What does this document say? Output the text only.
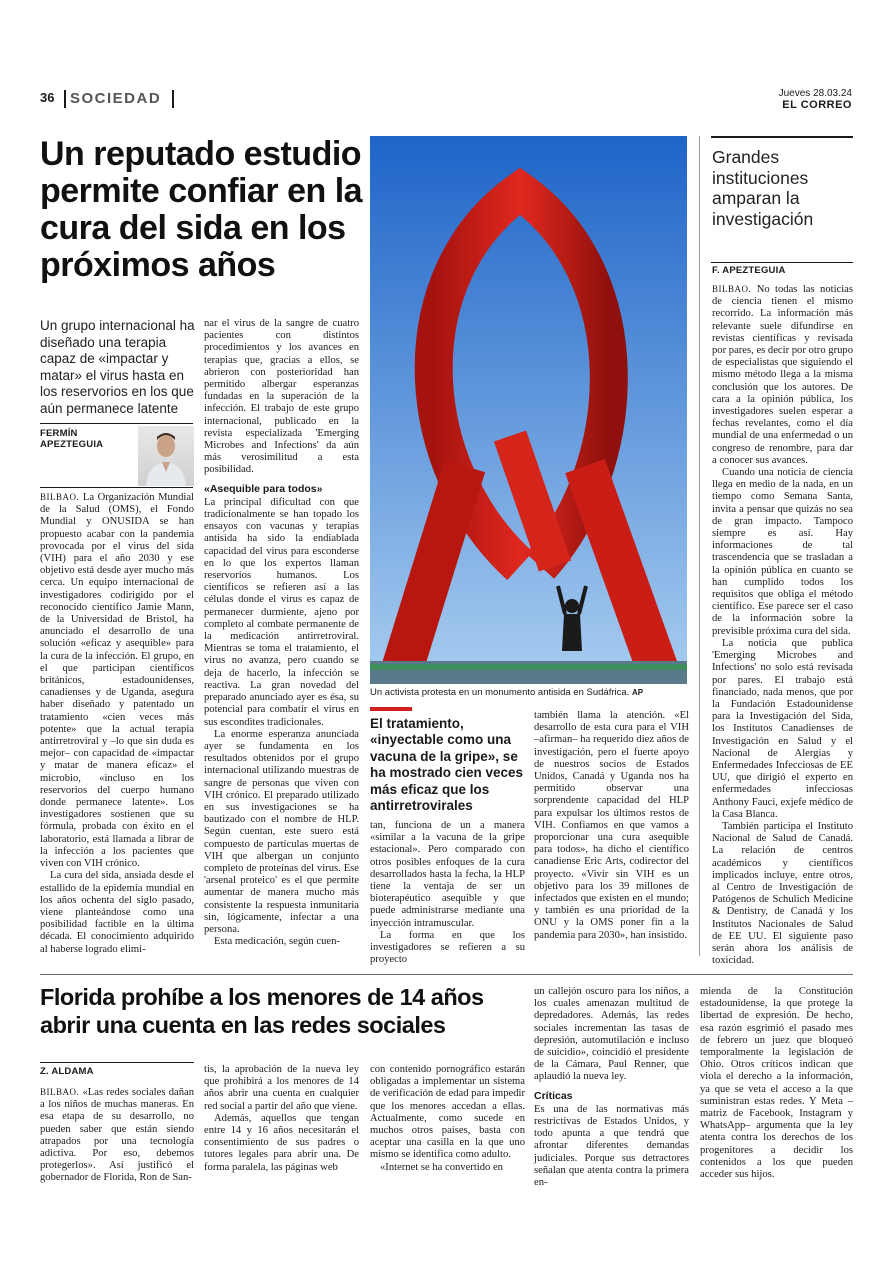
36 SOCIEDAD	Jueves 28.03.24
EL CORREO
Un reputado estudio permite confiar en la cura del sida en los próximos años
Un grupo internacional ha diseñado una terapia capaz de «impactar y matar» el virus hasta en los reservorios en los que aún permanece latente
FERMÍN APEZTEGUIA

BILBAO. La Organización Mundial de la Salud (OMS), el Fondo Mundial y ONUSIDA se han propuesto acabar con la pandemia provocada por el virus del sida (VIH) para el año 2030 y ese objetivo está desde ayer mucho más cerca. Un equipo internacional de investigadores codirigido por el reconocido científico Jamie Mann, de la Universidad de Bristol, ha anunciado el desarrollo de una solución «eficaz y asequible» para la cura de la infección. El grupo, en el que participan científicos británicos, estadounidenses, canadienses y de Uganda, asegura haber diseñado y patentado un tratamiento «cien veces más potente» que la actual terapia antirretroviral y –lo que sin duda es mejor– con capacidad de «impactar y matar de manera eficaz» el microbio, «incluso en los reservorios del cuerpo humano donde permanece latente». Los investigadores sostienen que su fórmula, probada con éxito en el laboratorio, está llamada a librar de la infección a los pacientes que viven con VIH crónico.

La cura del sida, ansiada desde el estallido de la epidemia mundial en los años ochenta del siglo pasado, viene planteándose como una posibilidad factible en la última década. El conocimiento adquirido al haberse logrado elimi-

nar el virus de la sangre de cuatro pacientes con distintos procedimientos y los avances en terapias que, gracias a ellos, se abrieron con posterioridad han permitido albergar esperanzas fundadas en la superación de la infección. El trabajo de este grupo internacional, publicado en la revista especializada 'Emerging Microbes and Infections' da aún más verosimilitud a esta posibilidad.

«Asequible para todos»

La principal dificultad con que tradicionalmente se han topado los ensayos con vacunas y terapias antisida ha sido la endiablada capacidad del virus para esconderse en lo que los expertos llaman reservorios humanos. Los científicos se refieren así a las células donde el virus es capaz de permanecer durmiente, ajeno por completo al combate permanente de la medicación antirretroviral. Mientras se toma el tratamiento, el virus no avanza, pero cuando se deja de hacerlo, la infección se reactiva. La gran novedad del preparado anunciado ayer es ésa, su potencial para combatir el virus en sus escondites tradicionales.

La enorme esperanza anunciada ayer se fundamenta en los resultados obtenidos por el grupo internacional utilizando muestras de sangre de personas que viven con VIH crónico. El preparado utilizado en sus investigaciones se ha bautizado con el nombre de HLP. Según cuentan, este suero está compuesto de partículas muertas de VIH que albergan un conjunto completo de proteínas del virus. Ese 'arsenal proteico' es el que permite aumentar de manera mucho más consistente la respuesta inmunitaria sin, lógicamente, infectar a una persona.

Esta medicación, según cuen-

Un activista protesta en un monumento antisida en Sudáfrica. AP
El tratamiento, «inyectable como una vacuna de la gripe», se ha mostrado cien veces más eficaz que los antirretrovirales

tan, funciona de un a manera «similar a la vacuna de la gripe estacional». Pero comparado con otros posibles enfoques de la cura desarrollados hasta la fecha, la HLP tiene la ventaja de ser un bioterapéutico asequible y que puede administrarse mediante una inyección intramuscular.

La forma en que los investigadores se refieren a su proyecto

también llama la atención. «El desarrollo de esta cura para el VIH –afirman– ha requerido diez años de investigación, pero el fuerte apoyo de nuestros socios de Estados Unidos, Canadá y Uganda nos ha permitido observar una sorprendente capacidad del HLP para expulsar los últimos restos de VIH. Confiamos en que vamos a proporcionar una cura asequible para todos», ha dicho el científico canadiense Eric Arts, codirector del proyecto. «Vivir sin VIH es un objetivo para los 39 millones de infectados que existen en el mundo; y también es una prioridad de la ONU y la OMS poner fin a la pandemia para 2030», han insistido.

Grandes instituciones amparan la investigación
F. APEZTEGUIA

BILBAO. No todas las noticias de ciencia tienen el mismo recorrido. La información más relevante suele difundirse en revistas científicas y revisada por pares, es decir por otro grupo de especialistas que siguiendo el mismo método llega a la misma conclusión que los autores. De cara a la opinión pública, los investigadores suelen esperar a fechas revelantes, como el día mundial de una enfermedad o un congreso de renombre, para dar a conocer sus avances.

Cuando una noticia de ciencia llega en medio de la nada, en un tiempo como Semana Santa, invita a pensar que quizás no sea de gran impacto. Tampoco siempre es así. Hay informaciones de tal trascendencia que se trasladan a la opinión pública en cuanto se han cumplido todos los requisitos que obliga el método científico. Ese parece ser el caso de la información sobre la previsible próxima cura del sida.

La noticia que publica 'Emerging Microbes and Infections' no solo está revisada por pares. El trabajo está financiado, nada menos, que por la Fundación Estadounidense para la Investigación del Sida, los Institutos Canadienses de Investigación en Salud y el Nacional de Alergias y Enfermedades Infecciosas de EE UU, que dirigió el experto en enfermedades infecciosas Anthony Fauci, exjefe médico de la Casa Blanca.

También participa el Instituto Nacional de Salud de Canadá. La relación de centros académicos y científicos implicados incluye, entre otros, al Centro de Investigación de Patógenos de Schulich Medicine & Dentistry, de Canadá y los Institutos Nacionales de Salud de EE UU. El siguiente paso serán ahora los análisis de toxicidad.

Florida prohíbe a los menores de 14 años abrir una cuenta en las redes sociales
Z. ALDAMA

BILBAO. «Las redes sociales dañan a los niños de muchas maneras. En esa etapa de su desarrollo, no pueden saber que están siendo atrapados por una tecnología adictiva. Por eso, debemos protegerlos». Así justificó el gobernador de Florida, Ron de San-

tis, la aprobación de la nueva ley que prohibirá a los menores de 14 años abrir una cuenta en cualquier red social a partir del año que viene.

Además, aquellos que tengan entre 14 y 16 años necesitarán el consentimiento de sus padres o tutores legales para abrir una. De forma paralela, las páginas web

con contenido pornográfico estarán obligadas a implementar un sistema de verificación de edad para impedir que los menores accedan a ellas. Actualmente, como sucede en muchos otros países, basta con aceptar una casilla en la que uno mismo se identifica como adulto.

«Internet se ha convertido en

un callejón oscuro para los niños, a los cuales amenazan multitud de depredadores. Además, las redes sociales incrementan las tasas de depresión, automutilación e incluso de suicidio», coincidió el presidente de la Cámara, Paul Renner, que aplaudió la nueva ley.

Críticas

Es una de las normativas más restrictivas de Estados Unidos, y todo apunta a que tendrá que afrontar diferentes demandas judiciales. Porque sus detractores señalan que atenta contra la primera en-

mienda de la Constitución estadounidense, la que protege la libertad de expresión. De hecho, esa razón esgrimió el pasado mes de febrero un juez que bloqueó temporalmente la legislación de Ohio. Otros críticos indican que viola el derecho a la información, ya que se veta el acceso a la que suministran estas redes. Y Meta –matriz de Facebook, Instagram y WhatsApp– argumenta que la ley atenta contra los derechos de los progenitores a decidir los contenidos a los que pueden acceder sus hijos.
